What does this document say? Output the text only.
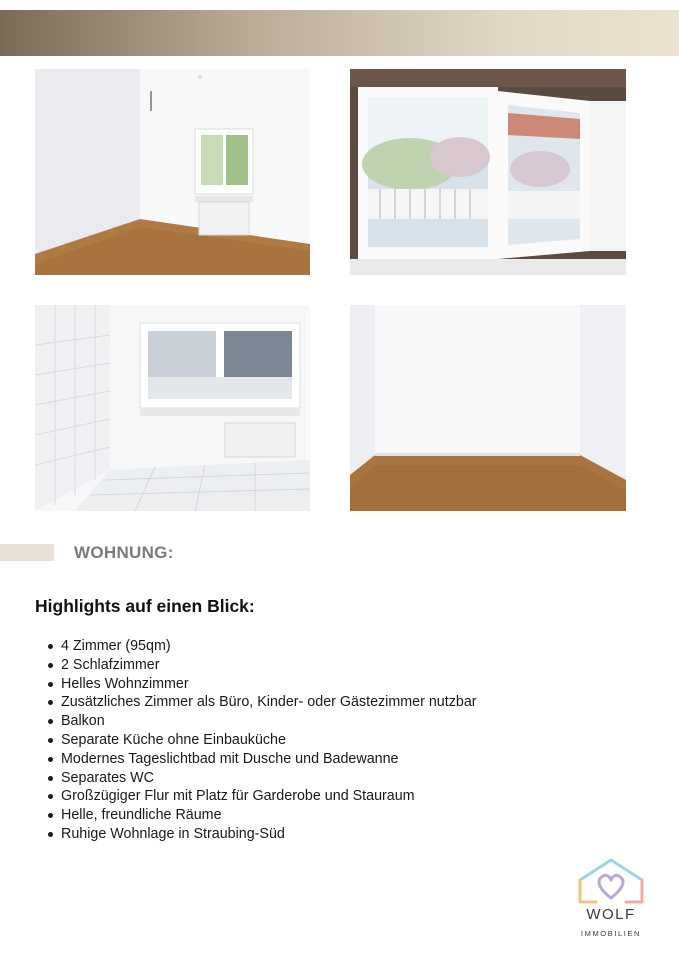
WOHNUNG:
Highlights auf einen Blick:
4 Zimmer (95qm)
2 Schlafzimmer
Helles Wohnzimmer
Zusätzliches Zimmer als Büro, Kinder- oder Gästezimmer nutzbar
Balkon
Separate Küche ohne Einbauküche
Modernes Tageslichtbad mit Dusche und Badewanne
Separates WC
Großzügiger Flur mit Platz für Garderobe und Stauraum
Helle, freundliche Räume
Ruhige Wohnlage in Straubing-Süd
WOLF
IMMOBILIEN
